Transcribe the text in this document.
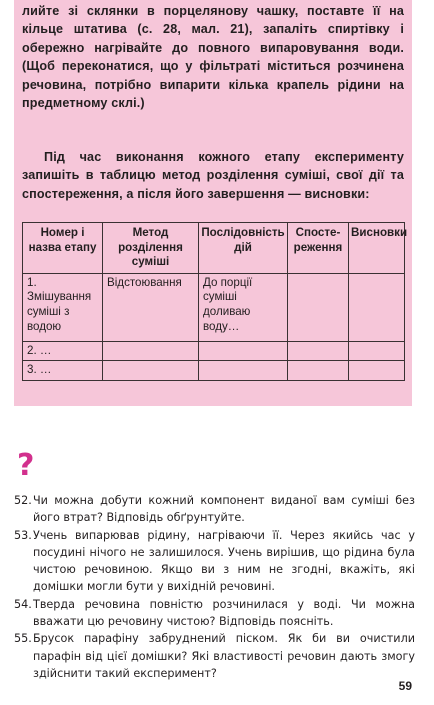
лийте зі склянки в порцелянову чашку, поставте її на кільце штатива (с. 28, мал. 21), запаліть спиртівку і обережно нагрівайте до повного випаровування води. (Щоб переконатися, що у фільтраті міститься розчинена речовина, потрібно випарити кілька крапель рідини на предметному склі.)

Під час виконання кожного етапу експерименту запишіть в таблицю метод розділення суміші, свої дії та спостереження, а після його завершення — висновки:

Номер і назва етапу	Метод розділення суміші	Послідовність дій	Спосте-реження	Висновки
1. Змішування суміші з водою	Відстоювання	До порції суміші доливаю воду…		
2. …				
3. …				
?
52. Чи можна добути кожний компонент виданої вам суміші без його втрат? Відповідь обґрунтуйте.
53. Учень випарював рідину, нагріваючи її. Через якийсь час у посудині нічого не залишилося. Учень вирішив, що рідина була чистою речовиною. Якщо ви з ним не згодні, вкажіть, які домішки могли бути у вихідній речовині.
54. Тверда речовина повністю розчинилася у воді. Чи можна вважати цю речовину чистою? Відповідь поясніть.
55. Брусок парафіну забруднений піском. Як би ви очистили парафін від цієї домішки? Які властивості речовин дають змогу здійснити такий експеримент?
59
